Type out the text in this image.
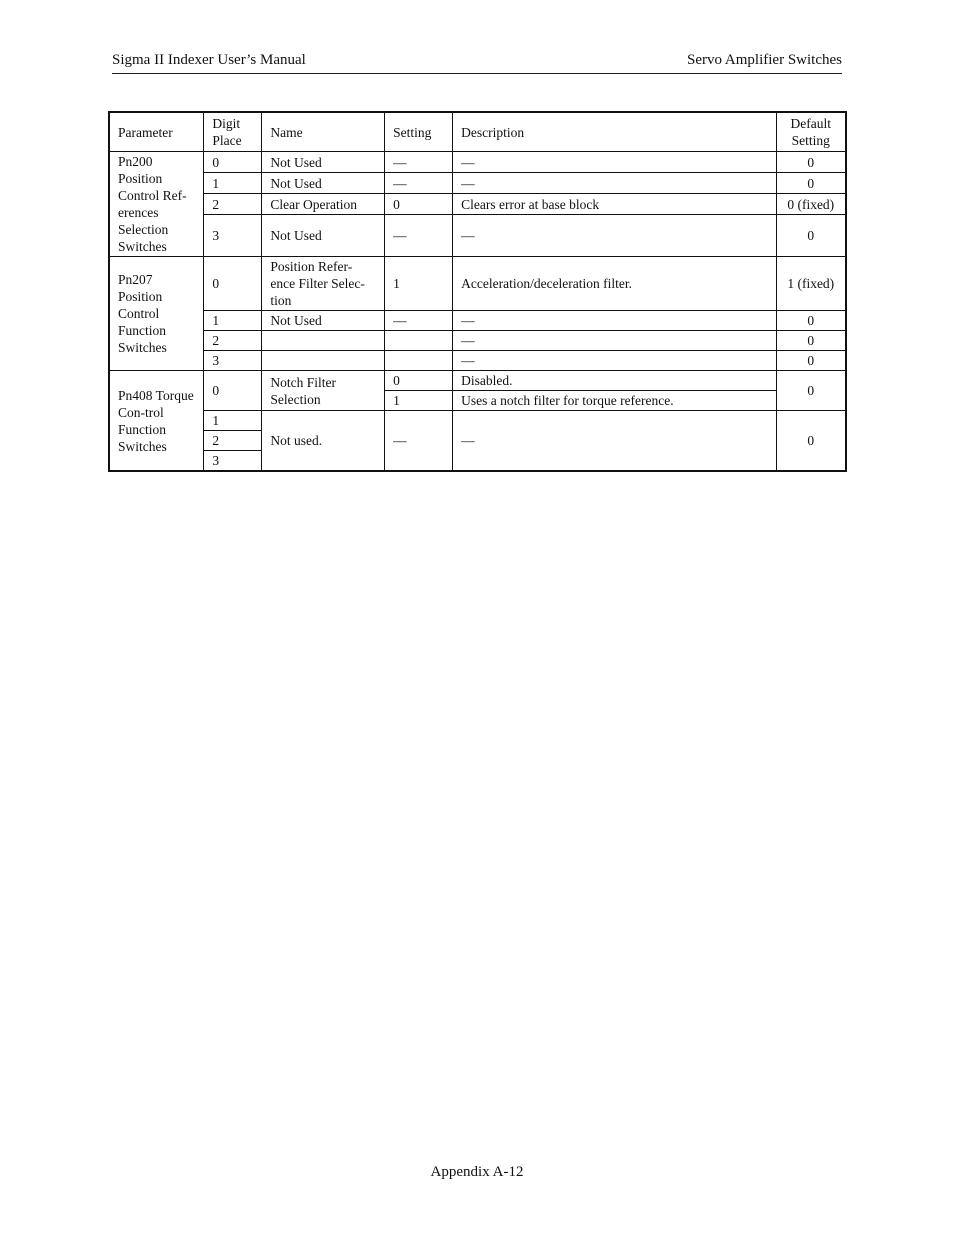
Sigma II Indexer User’s Manual	Servo Amplifier Switches
Parameter	Digit Place	Name	Setting	Description	Default Setting
Pn200 Position Control Ref-erences Selection Switches	0	Not Used	—	—	0
	1	Not Used	—	—	0
	2	Clear Operation	0	Clears error at base block	0 (fixed)
	3	Not Used	—	—	0
Pn207 Position Control Function Switches	0	Position Refer-ence Filter Selec-tion	1	Acceleration/deceleration filter.	1 (fixed)
	1	Not Used	—	—	0
	2			—	0
	3			—	0
Pn408 Torque Con-trol Function Switches	0	Notch Filter Selection	0	Disabled.	0
			1	Uses a notch filter for torque reference.	
	1	Not used.	—	—	0
	2				
	3				
Appendix A-12
